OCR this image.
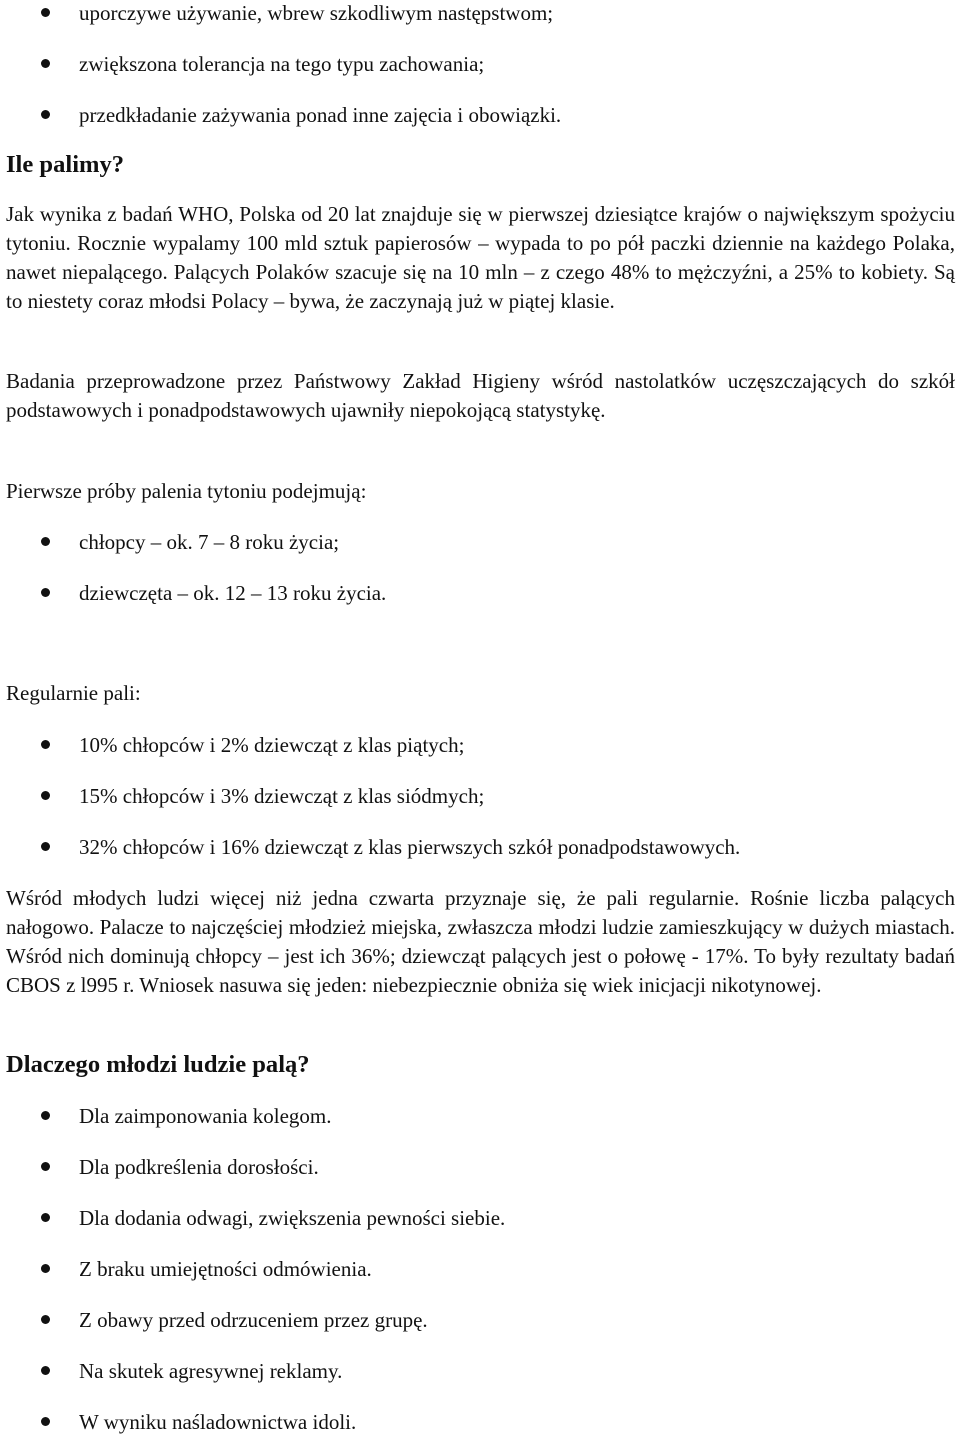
uporczywe używanie, wbrew szkodliwym następstwom;
zwiększona tolerancja na tego typu zachowania;
przedkładanie zażywania ponad inne zajęcia i obowiązki.
Ile palimy?

Jak wynika z badań WHO, Polska od 20 lat znajduje się w pierwszej dziesiątce krajów o największym spożyciu tytoniu. Rocznie wypalamy 100 mld sztuk papierosów – wypada to po pół paczki dziennie na każdego Polaka, nawet niepalącego. Palących Polaków szacuje się na 10 mln – z czego 48% to mężczyźni, a 25% to kobiety. Są to niestety coraz młodsi Polacy – bywa, że zaczynają już w piątej klasie.

Badania przeprowadzone przez Państwowy Zakład Higieny wśród nastolatków uczęszczających do szkół podstawowych i ponadpodstawowych ujawniły niepokojącą statystykę.

Pierwsze próby palenia tytoniu podejmują:

chłopcy – ok. 7 – 8 roku życia;
dziewczęta – ok. 12 – 13 roku życia.

Regularnie pali:

10% chłopców i 2% dziewcząt z klas piątych;
15% chłopców i 3% dziewcząt z klas siódmych;
32% chłopców i 16% dziewcząt z klas pierwszych szkół ponadpodstawowych.

Wśród młodych ludzi więcej niż jedna czwarta przyznaje się, że pali regularnie. Rośnie liczba palących nałogowo. Palacze to najczęściej młodzież miejska, zwłaszcza młodzi ludzie zamieszkujący w dużych miastach. Wśród nich dominują chłopcy – jest ich 36%; dziewcząt palących jest o połowę - 17%. To były rezultaty badań CBOS z l995 r. Wniosek nasuwa się jeden: niebezpiecznie obniża się wiek inicjacji nikotynowej.

Dlaczego młodzi ludzie palą?
Dla zaimponowania kolegom.
Dla podkreślenia dorosłości.
Dla dodania odwagi, zwiększenia pewności siebie.
Z braku umiejętności odmówienia.
Z obawy przed odrzuceniem przez grupę.
Na skutek agresywnej reklamy.
W wyniku naśladownictwa idoli.
